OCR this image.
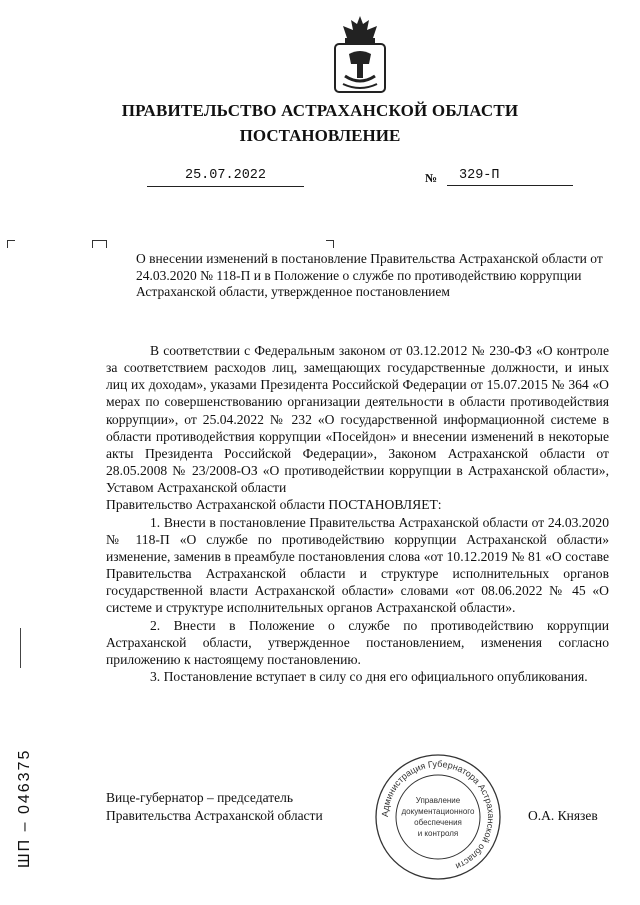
ПРАВИТЕЛЬСТВО АСТРАХАНСКОЙ ОБЛАСТИ
ПОСТАНОВЛЕНИЕ
25.07.2022	№	329-П
О внесении изменений в постановление Правительства Астраханской области от 24.03.2020 № 118-П и в Положение о службе по противодействию коррупции Астраханской области, утвержденное постановлением

В соответствии с Федеральным законом от 03.12.2012 № 230-ФЗ «О контроле за соответствием расходов лиц, замещающих государственные должности, и иных лиц их доходам», указами Президента Российской Федерации от 15.07.2015 № 364 «О мерах по совершенствованию организации деятельности в области противодействия коррупции», от 25.04.2022 № 232 «О государственной информационной системе в области противодействия коррупции «Посейдон» и внесении изменений в некоторые акты Президента Российской Федерации», Законом Астраханской области от 28.05.2008 № 23/2008-ОЗ «О противодействии коррупции в Астраханской области», Уставом Астраханской области

Правительство Астраханской области ПОСТАНОВЛЯЕТ:

1. Внести в постановление Правительства Астраханской области от 24.03.2020 № 118-П «О службе по противодействию коррупции Астраханской области» изменение, заменив в преамбуле постановления слова «от 10.12.2019 № 81 «О составе Правительства Астраханской области и структуре исполнительных органов государственной власти Астраханской области» словами «от 08.06.2022 № 45 «О системе и структуре исполнительных органов Астраханской области».

2. Внести в Положение о службе по противодействию коррупции Астраханской области, утвержденное постановлением, изменения согласно приложению к настоящему постановлению.

3. Постановление вступает в силу со дня его официального опубликования.

Вице-губернатор – председатель
Правительства Астраханской области	Администрация Губернатора Астраханской области
Управление
документационного
обеспечения
и контроля
О.А. Князев
ШП – 046375
